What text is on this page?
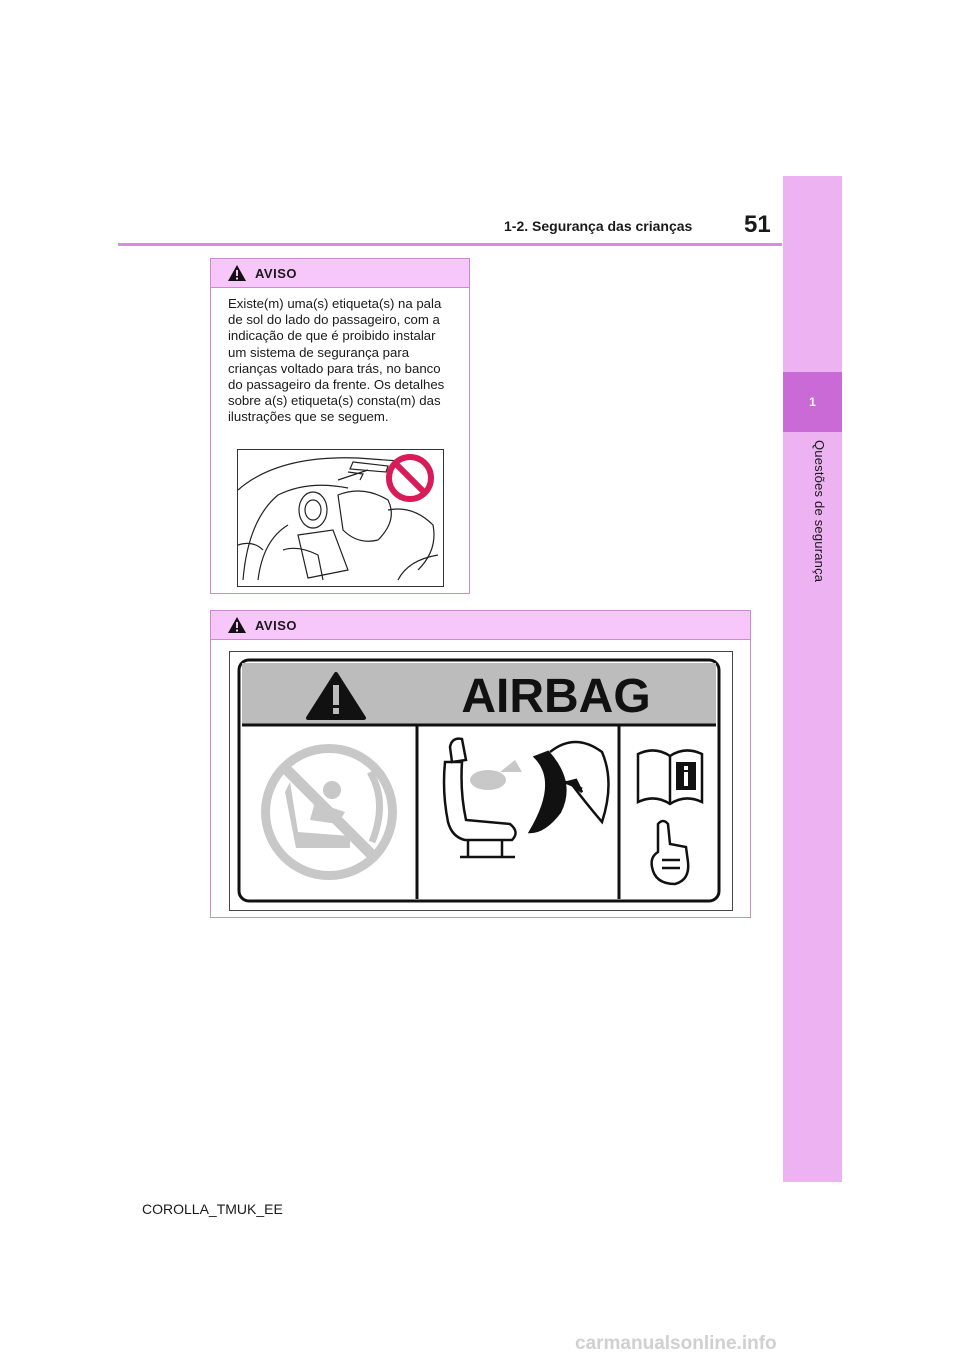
1-2. Segurança das crianças 51
1
Questões de segurança
AVISO
Existe(m) uma(s) etiqueta(s) na pala de sol do lado do passageiro, com a indicação de que é proibido instalar um sistema de segurança para crianças voltado para trás, no banco do passageiro da frente. Os detalhes sobre a(s) etiqueta(s) consta(m) das ilustrações que se seguem.
AVISO
AIRBAG
COROLLA_TMUK_EE
carmanualsonline.info
